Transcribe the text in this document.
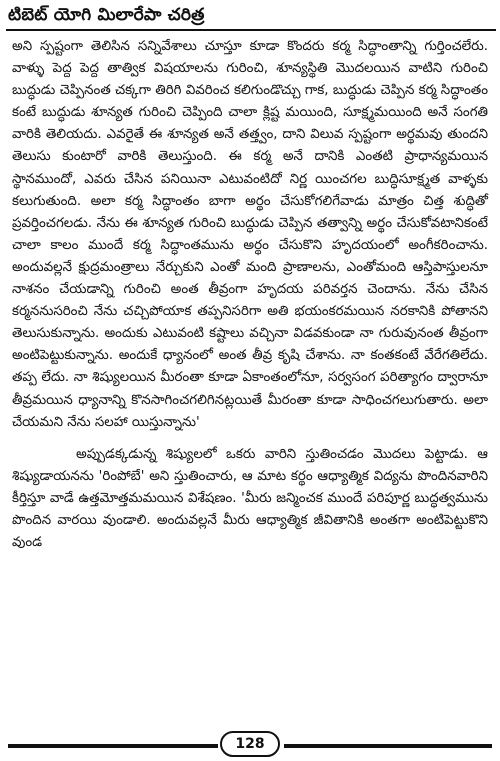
టిబెట్ యోగి మిలారేపా చరిత్ర

అని స్పష్టంగా తెలిసిన సన్నివేశాలు చూస్తూ కూడా కొందరు కర్మ సిద్ధాంతాన్ని గుర్తించలేరు. వాళ్ళు పెద్ద పెద్ద తాత్విక విషయాలను గురించి, శూన్యస్థితి మొదలయిన వాటిని గురించి బుద్ధుడు చెప్పినంత చక్కగా తిరిగి వివరించ కలిగుండొచ్చు గాక, బుద్ధుడు చెప్పిన కర్మ సిద్ధాంతం కంటే బుద్ధుడు శూన్యత గురించి చెప్పింది చాలా క్లిష్ట మయింది, సూక్ష్మమయింది అనే సంగతి వారికి తెలియదు. ఎవరైతే ఈ శూన్యత అనే తత్త్వం, దాని విలువ స్పష్టంగా అర్థమవు తుందని తెలుసు కుంటారో వారికి తెలుస్తుంది. ఈ కర్మ అనే దానికి ఎంతటి ప్రాధాన్యమయిన స్థానముందో, ఎవరు చేసిన పనియినా ఎటువంటిదో నిర్ణ యించగల బుద్ధిసూక్ష్మత వాళ్ళకు కలుగుతుంది. అలా కర్మ సిద్ధాంతం బాగా అర్థం చేసుకోగలిగేవాడు మాత్రం చిత్త శుద్ధితో ప్రవర్తించగలడు. నేను ఈ శూన్యత గురించి బుద్ధుడు చెప్పిన తత్వాన్ని అర్థం చేసుకోవటానికంటే చాలా కాలం ముందే కర్మ సిద్ధాంతమును అర్థం చేసుకొని హృదయంలో అంగీకరించాను. అందువల్లనే క్షుద్రమంత్రాలు నేర్చుకుని ఎంతో మంది ప్రాణాలను, ఎంతోమంది ఆస్తిపాస్తులనూ నాశనం చేయడాన్ని గురించి అంత తీవ్రంగా హృదయ పరివర్తన చెందాను. నేను చేసిన కర్మననుసరించి నేను చచ్చిపోయాక తప్పనిసరిగా అతి భయంకరమయిన నరకానికి పోతానని తెలుసుకున్నాను. అందుకు ఎటువంటి కష్టాలు వచ్చినా విడవకుండా నా గురువునంత తీవ్రంగా అంటిపెట్టుకున్నాను. అందుకే ధ్యానంలో అంత తీవ్ర కృషి చేశాను. నా కంతకంటే వేరేగతిలేదు. తప్ప లేదు. నా శిష్యులయిన మీరంతా కూడా ఏకాంతంలోనూ, సర్వసంగ పరిత్యాగం ద్వారానూ తీవ్రమయిన ధ్యానాన్ని కొనసాగించగలిగినట్లయితే మీరంతా కూడా సాధించగలుగుతారు. అలా చేయమని నేను సలహా యిస్తున్నాను'

అప్పుడక్కడున్న శిష్యులలో ఒకరు వారిని స్తుతించడం మొదలు పెట్టాడు. ఆ శిష్యుడాయనను 'రింపోబే' అని స్తుతించారు, ఆ మాట కర్థం ఆధ్యాత్మిక విద్యను పొందినవారిని కీర్తిస్తూ వాడే ఉత్తమోత్తమమయిన విశేషణం. 'మీరు జన్మించక ముందే పరిపూర్ణ బుద్ధత్వమును పొందిన వారయి వుండాలి. అందువల్లనే మీరు ఆధ్యాత్మిక జీవితానికి అంతగా అంటిపెట్టుకొని వుండ

128
